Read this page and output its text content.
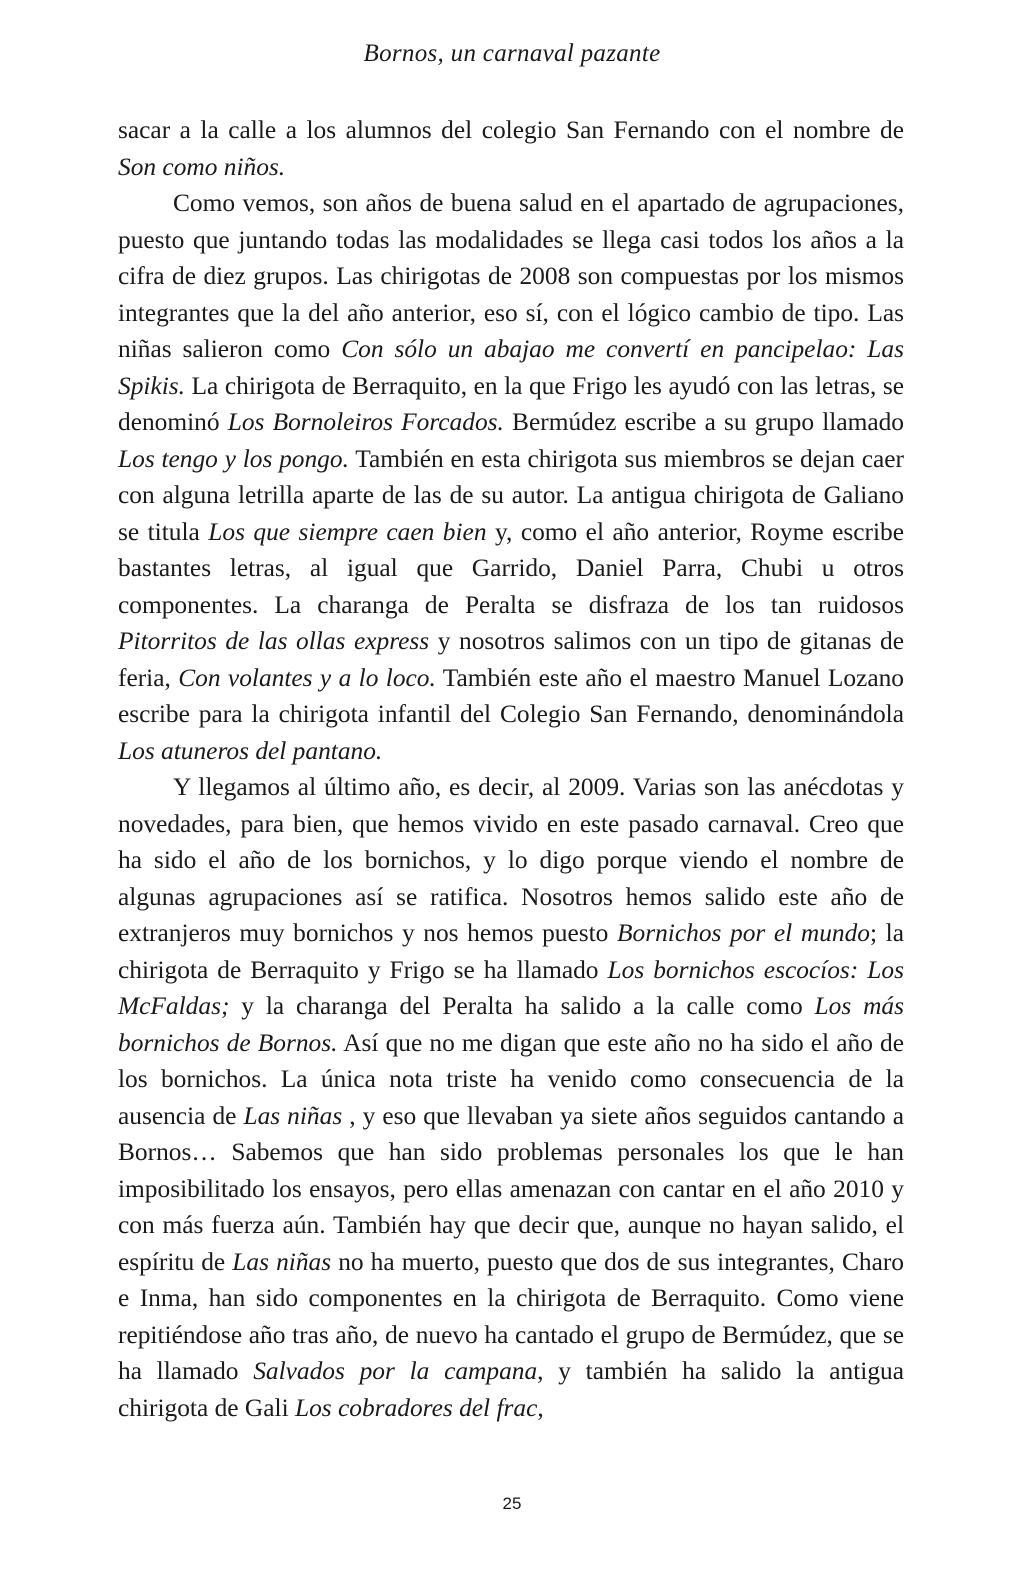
Bornos, un carnaval pazante

sacar a la calle a los alumnos del colegio San Fernando con el nombre de Son como niños.

Como vemos, son años de buena salud en el apartado de agrupaciones, puesto que juntando todas las modalidades se llega casi todos los años a la cifra de diez grupos. Las chirigotas de 2008 son compuestas por los mismos integrantes que la del año anterior, eso sí, con el lógico cambio de tipo. Las niñas salieron como Con sólo un abajao me convertí en pancipelao: Las Spikis. La chirigota de Berraquito, en la que Frigo les ayudó con las letras, se denominó Los Bornoleiros Forcados. Bermúdez escribe a su grupo llamado Los tengo y los pongo. También en esta chirigota sus miembros se dejan caer con alguna letrilla aparte de las de su autor. La antigua chirigota de Galiano se titula Los que siempre caen bien y, como el año anterior, Royme escribe bastantes letras, al igual que Garrido, Daniel Parra, Chubi u otros componentes. La charanga de Peralta se disfraza de los tan ruidosos Pitorritos de las ollas express y nosotros salimos con un tipo de gitanas de feria, Con volantes y a lo loco. También este año el maestro Manuel Lozano escribe para la chirigota infantil del Colegio San Fernando, denominándola Los atuneros del pantano.

Y llegamos al último año, es decir, al 2009. Varias son las anécdotas y novedades, para bien, que hemos vivido en este pasado carnaval. Creo que ha sido el año de los bornichos, y lo digo porque viendo el nombre de algunas agrupaciones así se ratifica. Nosotros hemos salido este año de extranjeros muy bornichos y nos hemos puesto Bornichos por el mundo; la chirigota de Berraquito y Frigo se ha llamado Los bornichos escocíos: Los McFaldas; y la charanga del Peralta ha salido a la calle como Los más bornichos de Bornos. Así que no me digan que este año no ha sido el año de los bornichos. La única nota triste ha venido como consecuencia de la ausencia de Las niñas , y eso que llevaban ya siete años seguidos cantando a Bornos… Sabemos que han sido problemas personales los que le han imposibilitado los ensayos, pero ellas amenazan con cantar en el año 2010 y con más fuerza aún. También hay que decir que, aunque no hayan salido, el espíritu de Las niñas no ha muerto, puesto que dos de sus integrantes, Charo e Inma, han sido componentes en la chirigota de Berraquito. Como viene repitiéndose año tras año, de nuevo ha cantado el grupo de Bermúdez, que se ha llamado Salvados por la campana, y también ha salido la antigua chirigota de Gali Los cobradores del frac,

25
